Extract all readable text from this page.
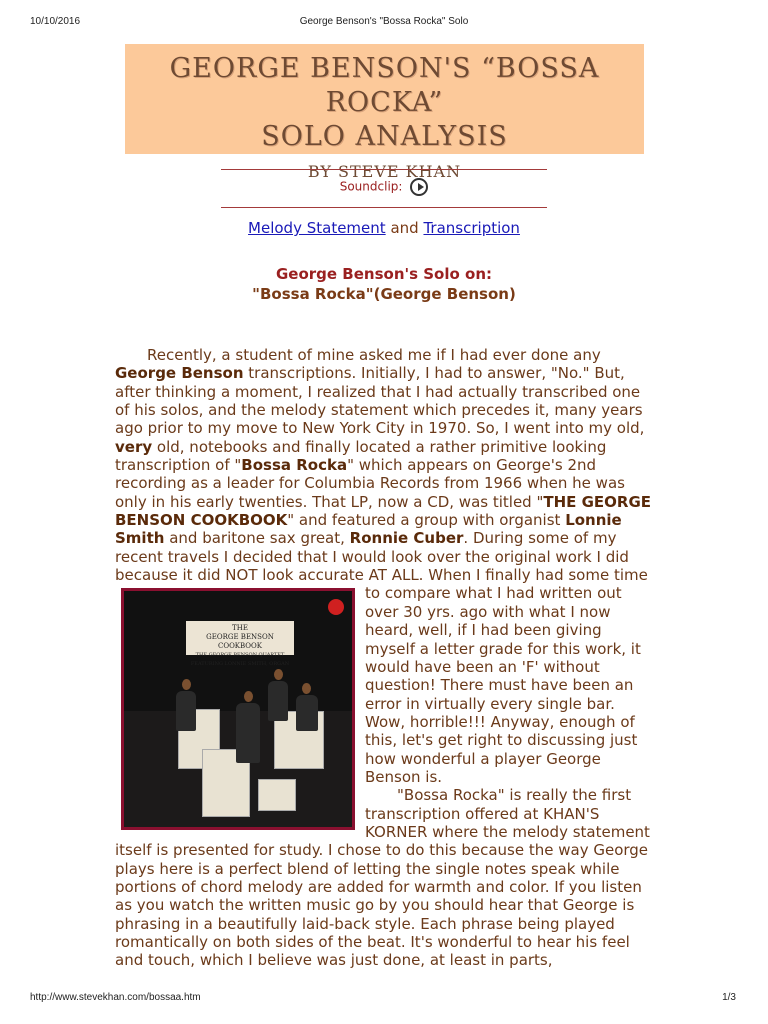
10/10/2016	George Benson's "Bossa Rocka" Solo
GEORGE BENSON'S “BOSSA ROCKA”
SOLO ANALYSIS
BY STEVE KHAN
Soundclip:
Melody Statement and Transcription
George Benson's Solo on:
"Bossa Rocka"(George Benson)

Recently, a student of mine asked me if I had ever done any George Benson transcriptions. Initially, I had to answer, "No." But, after thinking a moment, I realized that I had actually transcribed one of his solos, and the melody statement which precedes it, many years ago prior to my move to New York City in 1970. So, I went into my old, very old, notebooks and finally located a rather primitive looking transcription of "Bossa Rocka" which appears on George's 2nd recording as a leader for Columbia Records from 1966 when he was only in his early twenties. That LP, now a CD, was titled "THE GEORGE BENSON COOKBOOK" and featured a group with organist Lonnie Smith and baritone sax great, Ronnie Cuber. During some of my recent travels I decided that I would look over the original work I did because it did NOT look accurate AT ALL. When I finally had
THE
GEORGE BENSON
COOKBOOK
THE GEORGE BENSON QUARTET
FEATURING LONNIE SMITH, ORGAN
some time to compare what I had written out over 30 yrs. ago with what I now heard, well, if I had been giving myself a letter grade for this work, it would have been an 'F' without question! There must have been an error in virtually every single bar. Wow, horrible!!! Anyway, enough of this, let's get right to discussing just how wonderful a player George Benson is.

"Bossa Rocka" is really the first transcription offered at KHAN'S KORNER where the melody statement itself is presented for study. I chose to do this because the way George plays here is a perfect blend of letting the single notes speak while portions of chord melody are added for warmth and color. If you listen as you watch the written music go by you should hear that George is phrasing in a beautifully laid-back style. Each phrase being played romantically on both sides of the beat. It's wonderful to hear his feel and touch, which I believe was just done, at least in parts,

http://www.stevekhan.com/bossaa.htm	1/3
